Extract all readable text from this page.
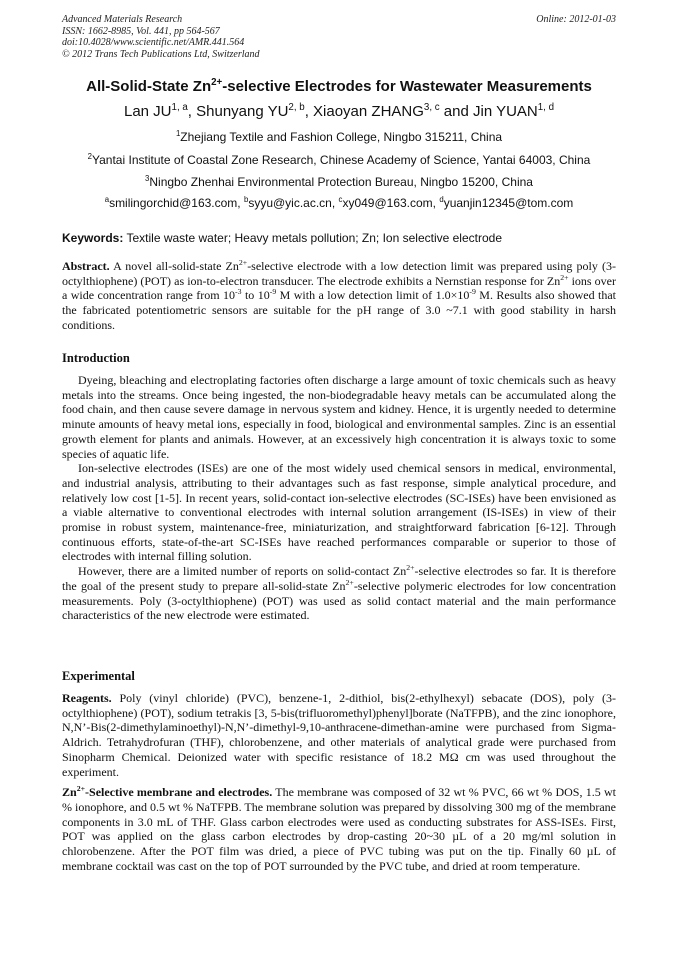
Advanced Materials Research
ISSN: 1662-8985, Vol. 441, pp 564-567
doi:10.4028/www.scientific.net/AMR.441.564
© 2012 Trans Tech Publications Ltd, Switzerland
Online: 2012-01-03
All-Solid-State $Zn^{2+}$-selective Electrodes for Wastewater Measurements
Lan JU$^{1, a}$, Shunyang YU$^{2, b}$, Xiaoyan ZHANG$^{3, c}$ and Jin YUAN$^{1, d}$
$^1$Zhejiang Textile and Fashion College, Ningbo 315211, China
$^2$Yantai Institute of Coastal Zone Research, Chinese Academy of Science, Yantai 64003, China
$^3$Ningbo Zhenhai Environmental Protection Bureau, Ningbo 15200, China
$^a$smilingorchid@163.com, $^b$syyu@yic.ac.cn, $^c$xy049@163.com, $^d$yuanjin12345@tom.com
Keywords: Textile waste water; Heavy metals pollution; Zn; Ion selective electrode

Abstract. A novel all-solid-state $Zn^{2+}$-selective electrode with a low detection limit was prepared using poly (3-octylthiophene) (POT) as ion-to-electron transducer. The electrode exhibits a Nernstian response for $Zn^{2+}$ ions over a wide concentration range from $10^{-3}$ to $10^{-9}$ M with a low detection limit of $1.0\times 10^{-9}$ M. Results also showed that the fabricated potentiometric sensors are suitable for the pH range of 3.0 ~7.1 with good stability in harsh conditions.

Introduction

Dyeing, bleaching and electroplating factories often discharge a large amount of toxic chemicals such as heavy metals into the streams. Once being ingested, the non-biodegradable heavy metals can be accumulated along the food chain, and then cause severe damage in nervous system and kidney. Hence, it is urgently needed to determine minute amounts of heavy metal ions, especially in food, biological and environmental samples. Zinc is an essential growth element for plants and animals. However, at an excessively high concentration it is always toxic to some species of aquatic life.

Ion-selective electrodes (ISEs) are one of the most widely used chemical sensors in medical, environmental, and industrial analysis, attributing to their advantages such as fast response, simple analytical procedure, and relatively low cost [1-5]. In recent years, solid-contact ion-selective electrodes (SC-ISEs) have been envisioned as a viable alternative to conventional electrodes with internal solution arrangement (IS-ISEs) in view of their promise in robust system, maintenance-free, miniaturization, and straightforward fabrication [6-12]. Through continuous efforts, state-of-the-art SC-ISEs have reached performances comparable or superior to those of electrodes with internal filling solution.

However, there are a limited number of reports on solid-contact $Zn^{2+}$-selective electrodes so far. It is therefore the goal of the present study to prepare all-solid-state $Zn^{2+}$-selective polymeric electrodes for low concentration measurements. Poly (3-octylthiophene) (POT) was used as solid contact material and the main performance characteristics of the new electrode were estimated.

Experimental

Reagents. Poly (vinyl chloride) (PVC), benzene-1, 2-dithiol, bis(2-ethylhexyl) sebacate (DOS), poly (3-octylthiophene) (POT), sodium tetrakis [3, 5-bis(trifluoromethyl)phenyl]borate (NaTFPB), and the zinc ionophore, N,N’-Bis(2-dimethylaminoethyl)-N,N’-dimethyl-9,10-anthracene-dimethan-amine were purchased from Sigma-Aldrich. Tetrahydrofuran (THF), chlorobenzene, and other materials of analytical grade were purchased from Sinopharm Chemical. Deionized water with specific resistance of 18.2 MΩ cm was used throughout the experiment.

$Zn^{2+}$-Selective membrane and electrodes. The membrane was composed of 32 wt % PVC, 66 wt % DOS, 1.5 wt % ionophore, and 0.5 wt % NaTFPB. The membrane solution was prepared by dissolving 300 mg of the membrane components in 3.0 mL of THF. Glass carbon electrodes were used as conducting substrates for ASS-ISEs. First, POT was applied on the glass carbon electrodes by drop-casting 20~30 µL of a 20 mg/ml solution in chlorobenzene. After the POT film was dried, a piece of PVC tubing was put on the tip. Finally 60 µL of membrane cocktail was cast on the top of POT surrounded by the PVC tube, and dried at room temperature.
